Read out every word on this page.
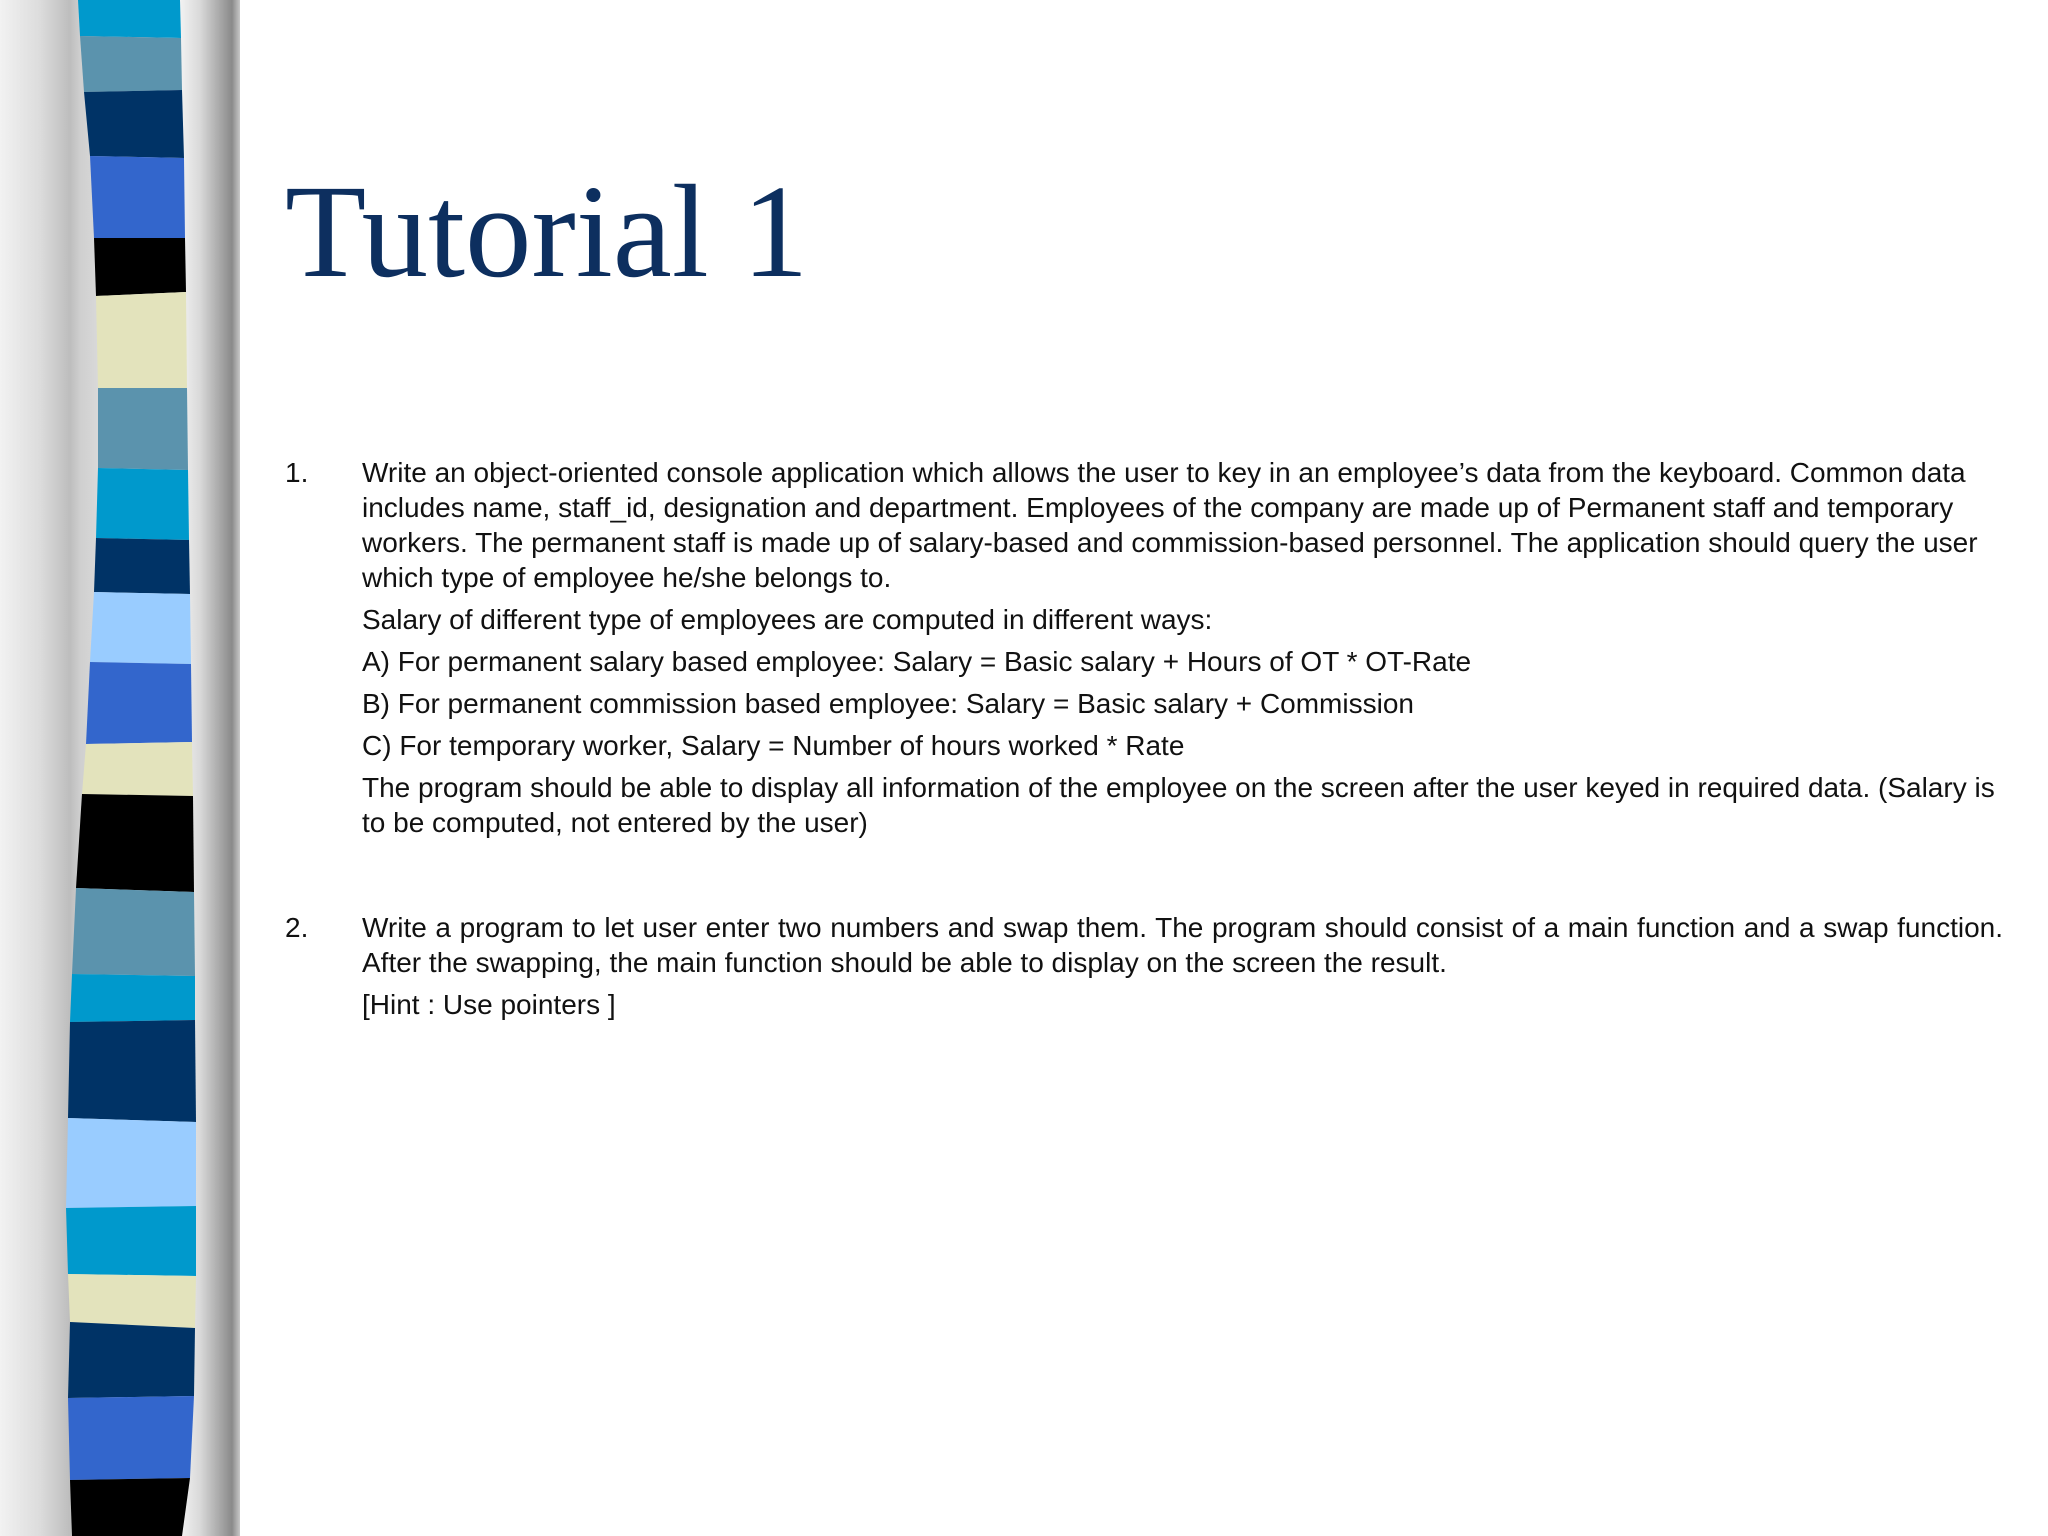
Tutorial 1
1. Write an object-oriented console application which allows the user to key in an employee’s data from the keyboard. Common data includes name, staff_id, designation and department. Employees of the company are made up of Permanent staff and temporary workers. The permanent staff is made up of salary-based and commission-based personnel. The application should query the user which type of employee he/she belongs to.

Salary of different type of employees are computed in different ways:

A) For permanent salary based employee: Salary = Basic salary + Hours of OT * OT-Rate

B) For permanent commission based employee: Salary = Basic salary + Commission

C) For temporary worker, Salary = Number of hours worked * Rate

The program should be able to display all information of the employee on the screen after the user keyed in required data. (Salary is to be computed, not entered by the user)

2. Write a program to let user enter two numbers and swap them. The program should consist of a main function and a swap function. After the swapping, the main function should be able to display on the screen the result.

[Hint : Use pointers ]
